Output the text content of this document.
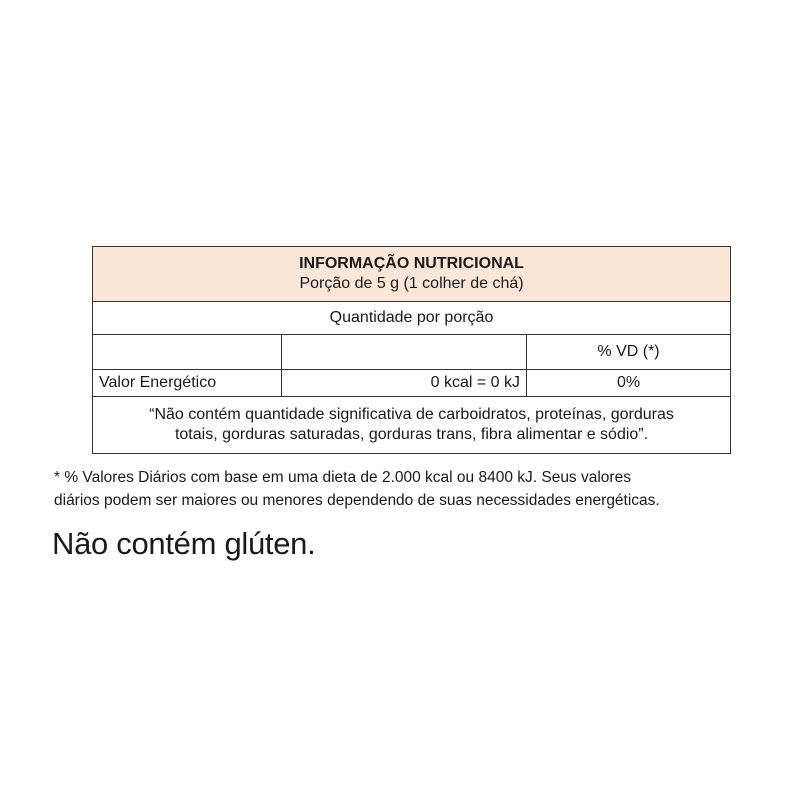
INFORMAÇÃO NUTRICIONAL
Porção de 5 g (1 colher de chá)		

Quantidade por porção		
		% VD (*)
Valor Energético	0 kcal = 0 kJ	0%

“Não contém quantidade significativa de carboidratos, proteínas, gorduras
totais, gorduras saturadas, gorduras trans, fibra alimentar e sódio”.		
* % Valores Diários com base em uma dieta de 2.000 kcal ou 8400 kJ. Seus valores
diários podem ser maiores ou menores dependendo de suas necessidades energéticas.
Não contém glúten.
